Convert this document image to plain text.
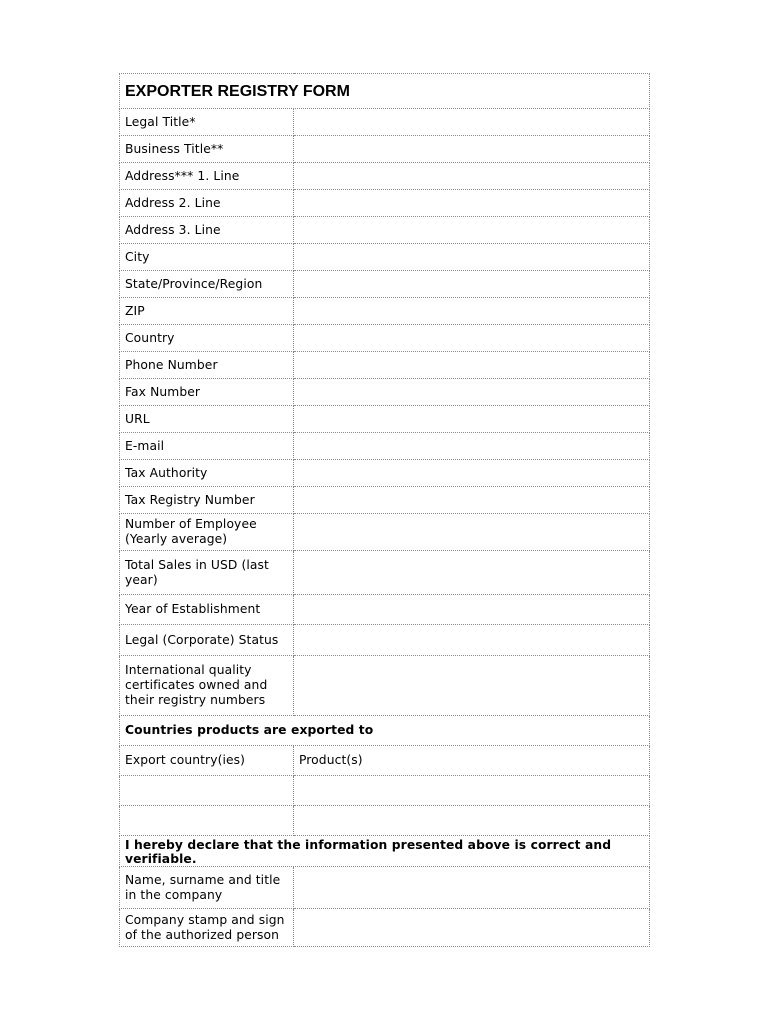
EXPORTER REGISTRY FORM	
Legal Title*	
Business Title**	
Address*** 1. Line	
Address 2. Line	
Address 3. Line	
City	
State/Province/Region	
ZIP	
Country	
Phone Number	
Fax Number	
URL	
E-mail	
Tax Authority	
Tax Registry Number	
Number of Employee (Yearly average)	
Total Sales in USD (last year)	
Year of Establishment	
Legal (Corporate) Status	
International quality certificates owned and their registry numbers	
Countries products are exported to	
Export country(ies)	Product(s)

I hereby declare that the information presented above is correct and verifiable.	
Name, surname and title in the company	
Company stamp and sign of the authorized person	
